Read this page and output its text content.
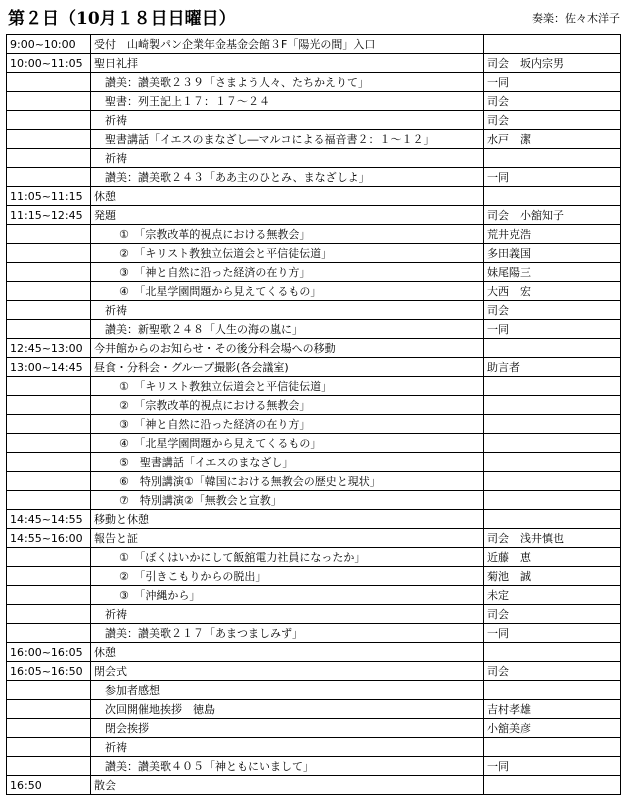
第２日（10月１８日日曜日）	奏楽：佐々木洋子
9:00~10:00	受付　山崎製パン企業年金基金会館３F「陽光の間」入口	
10:00~11:05	聖日礼拝	司会　坂内宗男
	讃美：讃美歌２３９「さまよう人々、たちかえりて」	一同
	聖書：列王記上１７：１７～２４	司会
	祈祷	司会
	聖書講話「イエスのまなざし―マルコによる福音書２：１～１２」	水戸　潔
	祈祷	
	讃美：讃美歌２４３「ああ主のひとみ、まなざしよ」	一同
11:05~11:15	休憩	
11:15~12:45	発題	司会　小舘知子
	①　「宗教改革的視点における無教会」	荒井克浩
	②　「キリスト教独立伝道会と平信徒伝道」	多田義国
	③　「神と自然に沿った経済の在り方」	妹尾陽三
	④　「北星学園問題から見えてくるもの」	大西　宏
	祈祷	司会
	讃美：新聖歌２４８「人生の海の嵐に」	一同
12:45~13:00	今井館からのお知らせ・その後分科会場への移動	
13:00~14:45	昼食・分科会・グループ撮影(各会議室)	助言者
	①　「キリスト教独立伝道会と平信徒伝道」	
	②　「宗教改革的視点における無教会」	
	③　「神と自然に沿った経済の在り方」	
	④　「北星学園問題から見えてくるもの」	
	⑤　聖書講話「イエスのまなざし」	
	⑥　特別講演①「韓国における無教会の歴史と現状」	
	⑦　特別講演②「無教会と宣教」	
14:45~14:55	移動と休憩	
14:55~16:00	報告と証	司会　浅井慎也
	①　「ぼくはいかにして飯舘電力社員になったか」	近藤　恵
	②　「引きこもりからの脱出」	菊池　誠
	③　「沖縄から」	未定
	祈祷	司会
	讃美：讃美歌２１７「あまつましみず」	一同
16:00~16:05	休憩	
16:05~16:50	閉会式	司会
	参加者感想	
	次回開催地挨拶　徳島	吉村孝雄
	閉会挨拶	小舘美彦
	祈祷	
	讃美：讃美歌４０５「神ともにいまして」	一同
16:50	散会	
